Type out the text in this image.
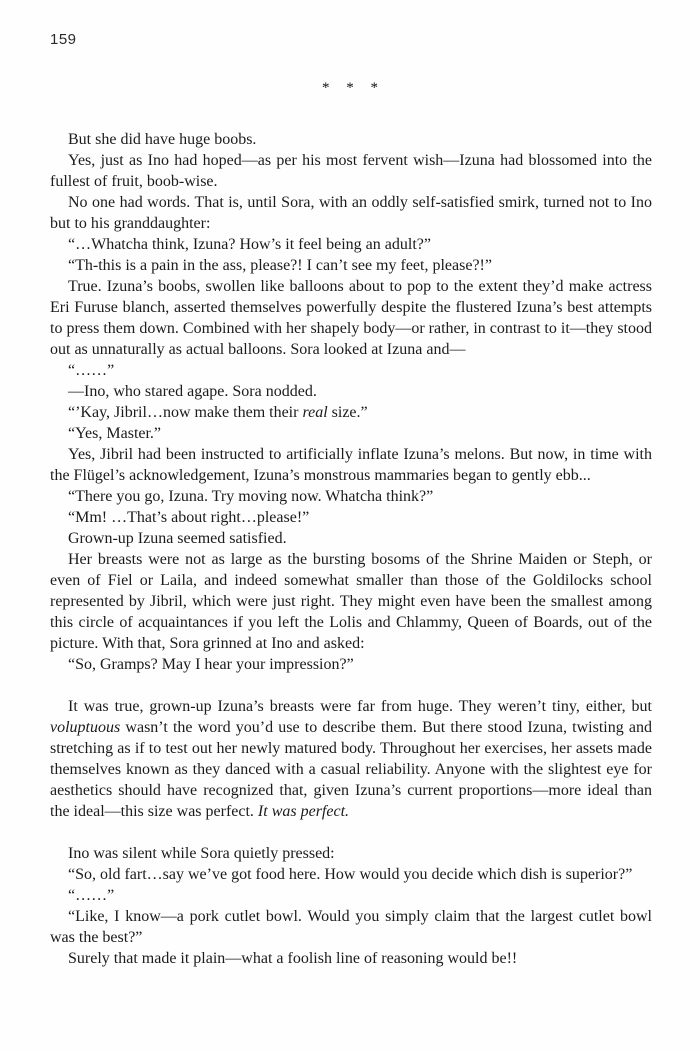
159
* * *

But she did have huge boobs.

Yes, just as Ino had hoped—as per his most fervent wish—Izuna had blossomed into the fullest of fruit, boob-wise.

No one had words. That is, until Sora, with an oddly self-satisfied smirk, turned not to Ino but to his granddaughter:

“…Whatcha think, Izuna? How’s it feel being an adult?”

“Th-this is a pain in the ass, please?! I can’t see my feet, please?!”

True. Izuna’s boobs, swollen like balloons about to pop to the extent they’d make actress Eri Furuse blanch, asserted themselves powerfully despite the flustered Izuna’s best attempts to press them down. Combined with her shapely body—or rather, in contrast to it—they stood out as unnaturally as actual balloons. Sora looked at Izuna and—

“……”

—Ino, who stared agape. Sora nodded.

“’Kay, Jibril…now make them their real size.”

“Yes, Master.”

Yes, Jibril had been instructed to artificially inflate Izuna’s melons. But now, in time with the Flügel’s acknowledgement, Izuna’s monstrous mammaries began to gently ebb...

“There you go, Izuna. Try moving now. Whatcha think?”

“Mm! …That’s about right…please!”

Grown-up Izuna seemed satisfied.

Her breasts were not as large as the bursting bosoms of the Shrine Maiden or Steph, or even of Fiel or Laila, and indeed somewhat smaller than those of the Goldilocks school represented by Jibril, which were just right. They might even have been the smallest among this circle of acquaintances if you left the Lolis and Chlammy, Queen of Boards, out of the picture. With that, Sora grinned at Ino and asked:

“So, Gramps? May I hear your impression?”

It was true, grown-up Izuna’s breasts were far from huge. They weren’t tiny, either, but voluptuous wasn’t the word you’d use to describe them. But there stood Izuna, twisting and stretching as if to test out her newly matured body. Throughout her exercises, her assets made themselves known as they danced with a casual reliability. Anyone with the slightest eye for aesthetics should have recognized that, given Izuna’s current proportions—more ideal than the ideal—this size was perfect. It was perfect.

Ino was silent while Sora quietly pressed:

“So, old fart…say we’ve got food here. How would you decide which dish is superior?”

“……”

“Like, I know—a pork cutlet bowl. Would you simply claim that the largest cutlet bowl was the best?”

Surely that made it plain—what a foolish line of reasoning would be!!
